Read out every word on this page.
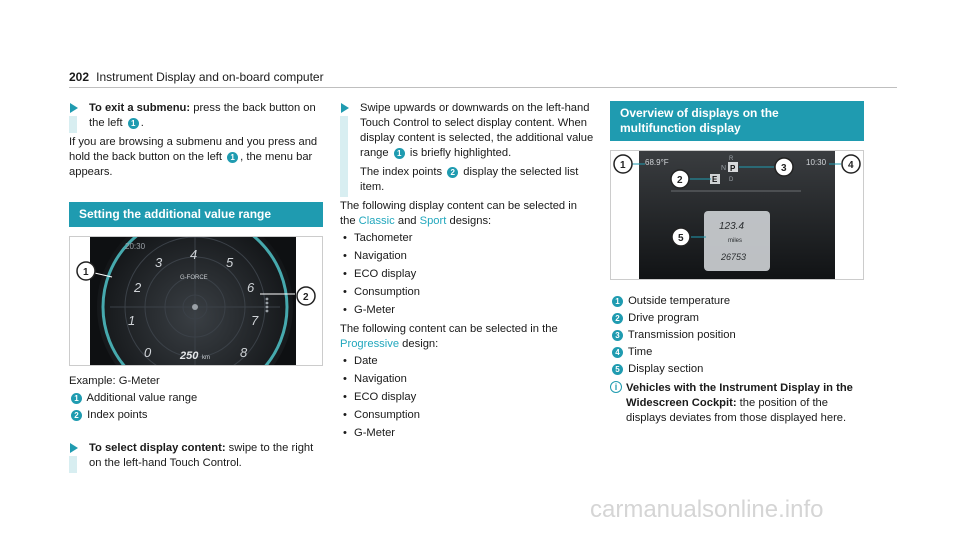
202 Instrument Display and on-board computer

To exit a submenu: press the back button on the left 1 .

If you are browsing a submenu and you press and hold the back button on the left 1 , the menu bar appears.

Setting the additional value range
20:30
G-FORCE
1
2
3
4
5
6
7
8
0	250 km
1
2

Example: G-Meter

1 Additional value range
2 Index points

To select display content: swipe to the right on the left-hand Touch Control.

Swipe upwards or downwards on the left-hand Touch Control to select display content. When display content is selected, the additional value range 1 is briefly highlighted.

The index points 2 display the selected list item.

The following display content can be selected in the Classic and Sport designs:

• Tachometer
• Navigation
• ECO display
• Consumption
• G-Meter

The following content can be selected in the Progressive design:

• Date
• Navigation
• ECO display
• Consumption
• G-Meter
Overview of displays on the multifunction display
68.9°F	10:30
R
N P
D
E
123.4
miles
26753
1
2
3	4
5
1 Outside temperature
2 Drive program
3 Transmission position
4 Time
5 Display section
i Vehicles with the Instrument Display in the Widescreen Cockpit: the position of the displays deviates from those displayed here.

carmanualsonline.info
